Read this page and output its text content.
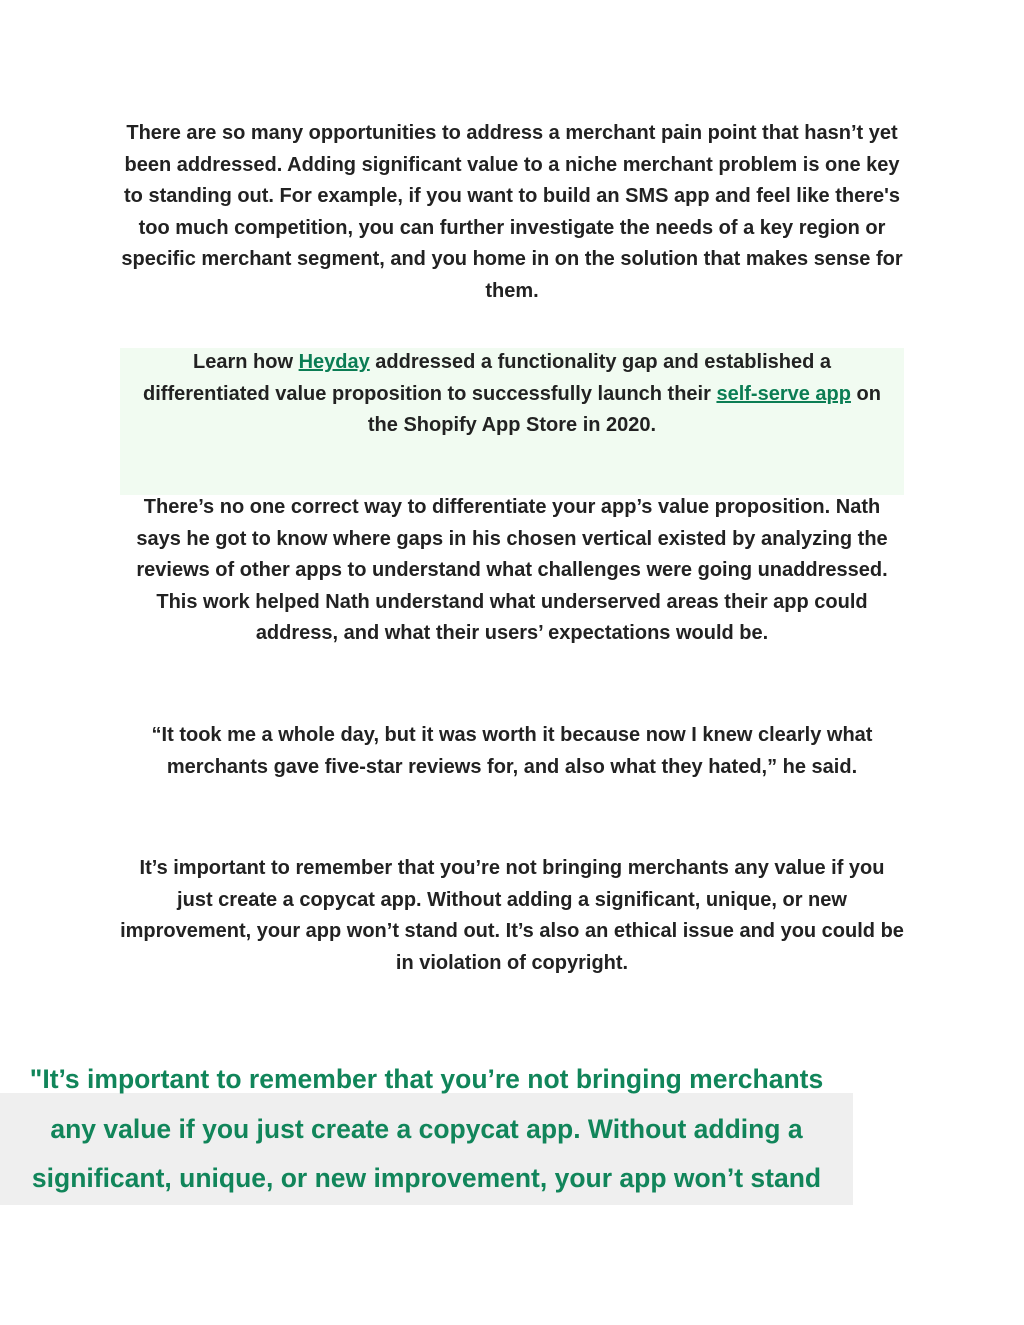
There are so many opportunities to address a merchant pain point that hasn’t yet been addressed. Adding significant value to a niche merchant problem is one key to standing out. For example, if you want to build an SMS app and feel like there's too much competition, you can further investigate the needs of a key region or specific merchant segment, and you home in on the solution that makes sense for them.

Learn how Heyday addressed a functionality gap and established a differentiated value proposition to successfully launch their self-serve app on the Shopify App Store in 2020.

There’s no one correct way to differentiate your app’s value proposition. Nath says he got to know where gaps in his chosen vertical existed by analyzing the reviews of other apps to understand what challenges were going unaddressed. This work helped Nath understand what underserved areas their app could address, and what their users’ expectations would be.

“It took me a whole day, but it was worth it because now I knew clearly what merchants gave five-star reviews for, and also what they hated,” he said.

It’s important to remember that you’re not bringing merchants any value if you just create a copycat app. Without adding a significant, unique, or new improvement, your app won’t stand out. It’s also an ethical issue and you could be in violation of copyright.

"It’s important to remember that you’re not bringing merchants
any value if you just create a copycat app. Without adding a
significant, unique, or new improvement, your app won’t stand
